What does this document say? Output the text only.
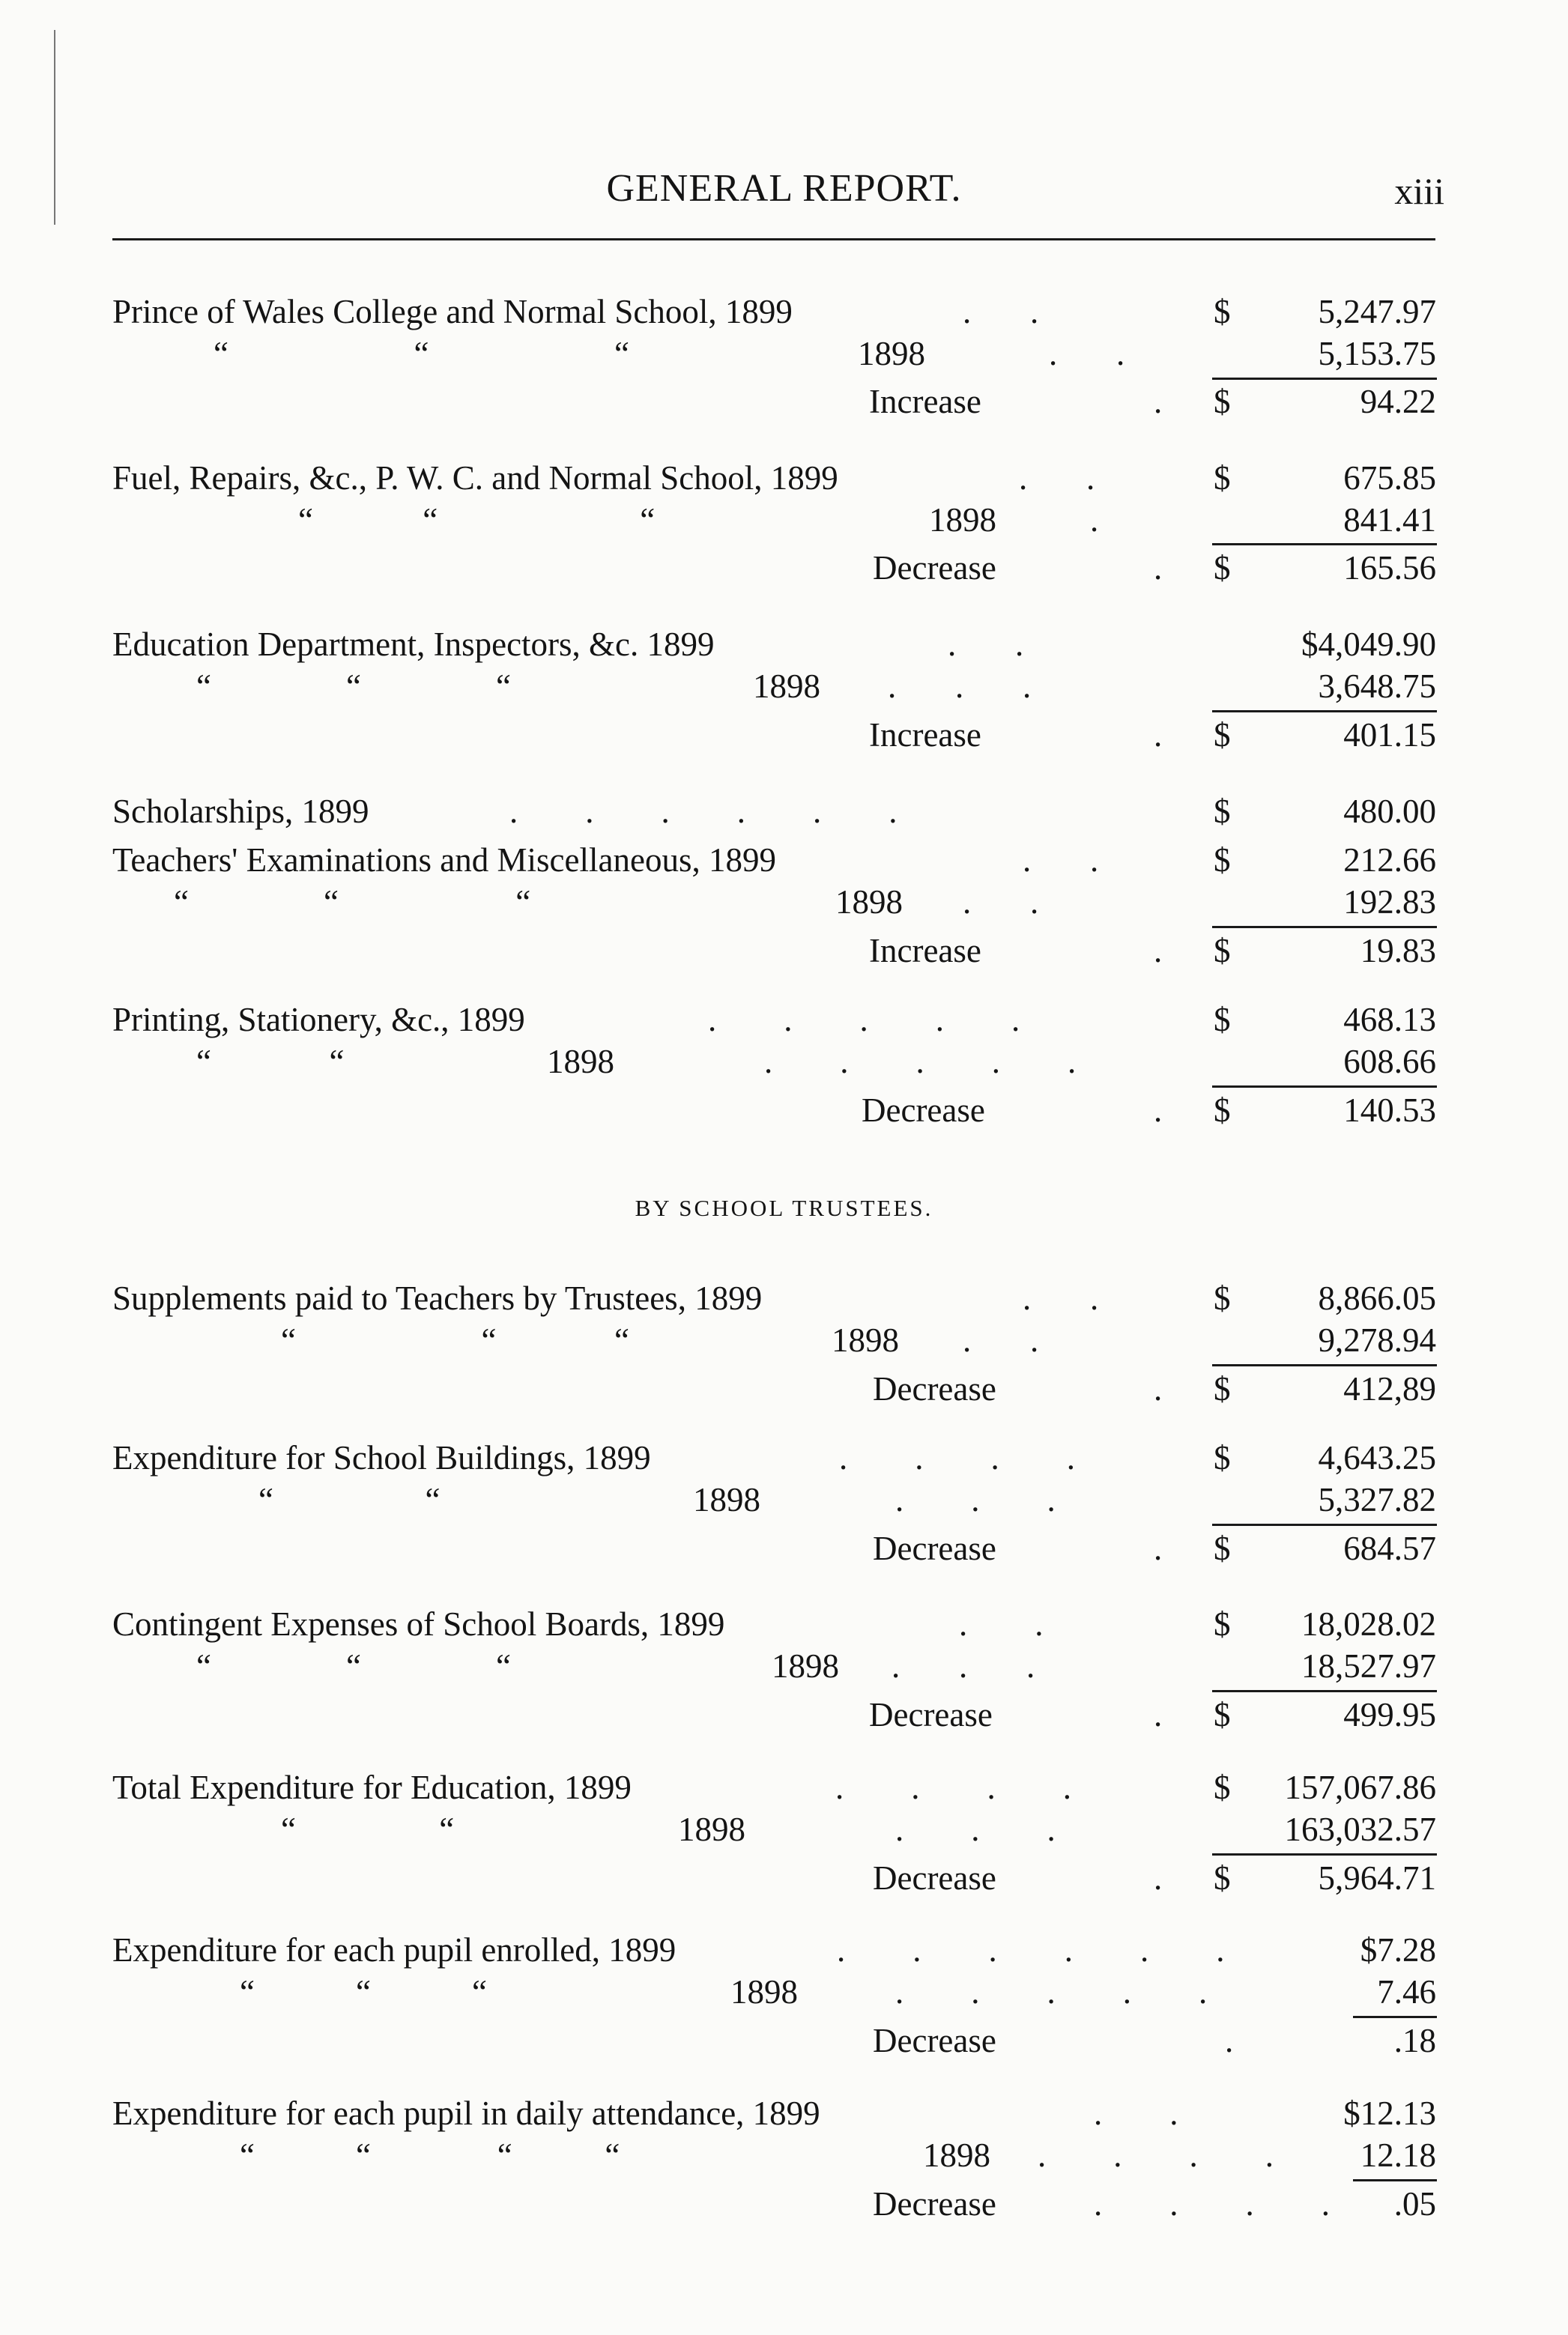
GENERAL REPORT.	xiii
Prince of Wales College and Normal School, 1899	.       .	$	5,247.97
“                      “                      “	1898	.       .	5,153.75
Increase	. $	94.22
Fuel, Repairs, &c., P. W. C. and Normal School, 1899	.       .	$	675.85
“             “                        “	1898	.	841.41
Decrease	. $	165.56
Education Department, Inspectors, &c. 1899	.       .	$4,049.90
“                “                “	1898 .       .       .	3,648.75
Increase	. $	401.15
Scholarships, 1899	.        .        .        .        .        .	$	480.00
Teachers' Examinations and Miscellaneous, 1899	.       .	$	212.66
“                “                     “	1898 .       .	192.83
Increase	. $	19.83
Printing, Stationery, &c., 1899	.        .        .        .        .	$	468.13
“              “	1898	.        .        .        .        .	608.66
Decrease	. $	140.53
BY SCHOOL TRUSTEES.
Supplements paid to Teachers by Trustees, 1899	.       .	$	8,866.05
“                      “              “	1898 .       .	9,278.94
Decrease	. $	412,89
Expenditure for School Buildings, 1899	.        .        .        .	$	4,643.25
“                  “	1898	.        .        .	5,327.82
Decrease	. $	684.57
Contingent Expenses of School Boards, 1899	.        .	$ 18,028.02
“                “                “	1898 .       .       .	18,527.97
Decrease	. $	499.95
Total Expenditure for Education, 1899	.        .        .        .	$ 157,067.86
“                 “	1898	.        .        .	163,032.57
Decrease	. $	5,964.71
Expenditure for each pupil enrolled, 1899	.        .        .        .        .        .	$7.28
“            “            “	1898	.        .        .        .        .	7.46
Decrease	.	.18
Expenditure for each pupil in daily attendance, 1899	.        .	$12.13
“            “               “           “	1898 .        .        .        .	12.18
Decrease	.        .        .        . .05
